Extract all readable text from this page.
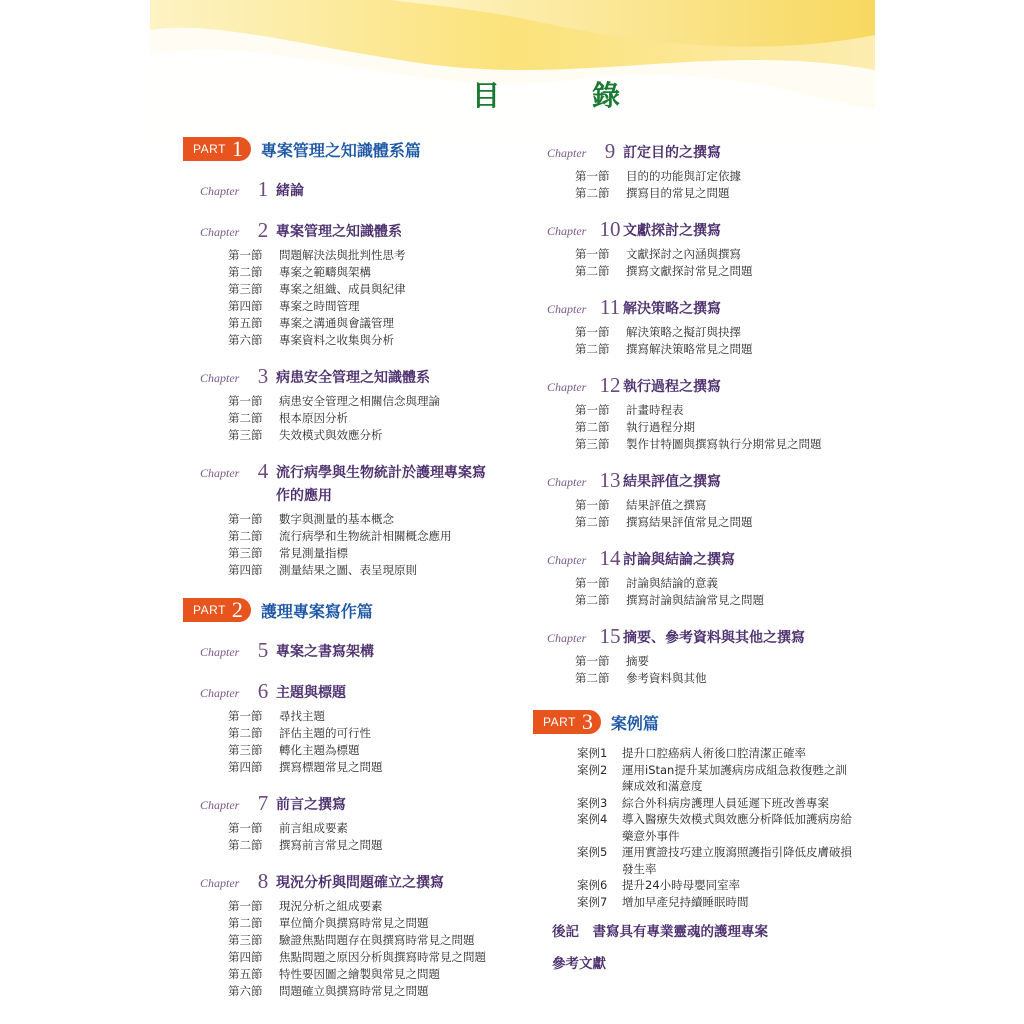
目　錄
PART 1 專案管理之知識體系篇
Chapter 1 緒論
Chapter 2 專案管理之知識體系
第一節	問題解決法與批判性思考
第二節	專案之範疇與架構
第三節	專案之組織、成員與紀律
第四節	專案之時間管理
第五節	專案之溝通與會議管理
第六節	專案資料之收集與分析
Chapter 3 病患安全管理之知識體系
第一節	病患安全管理之相關信念與理論
第二節	根本原因分析
第三節	失效模式與效應分析
Chapter 4 流行病學與生物統計於護理專案寫
作的應用
第一節	數字與測量的基本概念
第二節	流行病學和生物統計相關概念應用
第三節	常見測量指標
第四節	測量結果之圖、表呈現原則
PART 2 護理專案寫作篇
Chapter 5 專案之書寫架構
Chapter 6 主題與標題
第一節	尋找主題
第二節	評估主題的可行性
第三節	轉化主題為標題
第四節	撰寫標題常見之問題
Chapter 7 前言之撰寫
第一節	前言組成要素
第二節	撰寫前言常見之問題
Chapter 8 現況分析與問題確立之撰寫
第一節	現況分析之組成要素
第二節	單位簡介與撰寫時常見之問題
第三節	驗證焦點問題存在與撰寫時常見之問題
第四節	焦點問題之原因分析與撰寫時常見之問題
第五節	特性要因圖之繪製與常見之問題
第六節	問題確立與撰寫時常見之問題
Chapter 9 訂定目的之撰寫
第一節	目的的功能與訂定依據
第二節	撰寫目的常見之問題
Chapter 10 文獻探討之撰寫
第一節	文獻探討之內涵與撰寫
第二節	撰寫文獻探討常見之問題
Chapter 11 解決策略之撰寫
第一節	解決策略之擬訂與抉擇
第二節	撰寫解決策略常見之問題
Chapter 12 執行過程之撰寫
第一節	計畫時程表
第二節	執行過程分期
第三節	製作甘特圖與撰寫執行分期常見之問題
Chapter 13 結果評值之撰寫
第一節	結果評值之撰寫
第二節	撰寫結果評值常見之問題
Chapter 14 討論與結論之撰寫
第一節	討論與結論的意義
第二節	撰寫討論與結論常見之問題
Chapter 15 摘要、參考資料與其他之撰寫
第一節	摘要
第二節	參考資料與其他
PART 3 案例篇
案例1	提升口腔癌病人術後口腔清潔正確率
案例2	運用iStan提升某加護病房成組急救復甦之訓練成效和滿意度
案例3	綜合外科病房護理人員延遲下班改善專案
案例4	導入醫療失效模式與效應分析降低加護病房給藥意外事件
案例5	運用實證技巧建立腹瀉照護指引降低皮膚破損發生率
案例6	提升24小時母嬰同室率
案例7	增加早產兒持續睡眠時間
後記　書寫具有專業靈魂的護理專案
參考文獻
